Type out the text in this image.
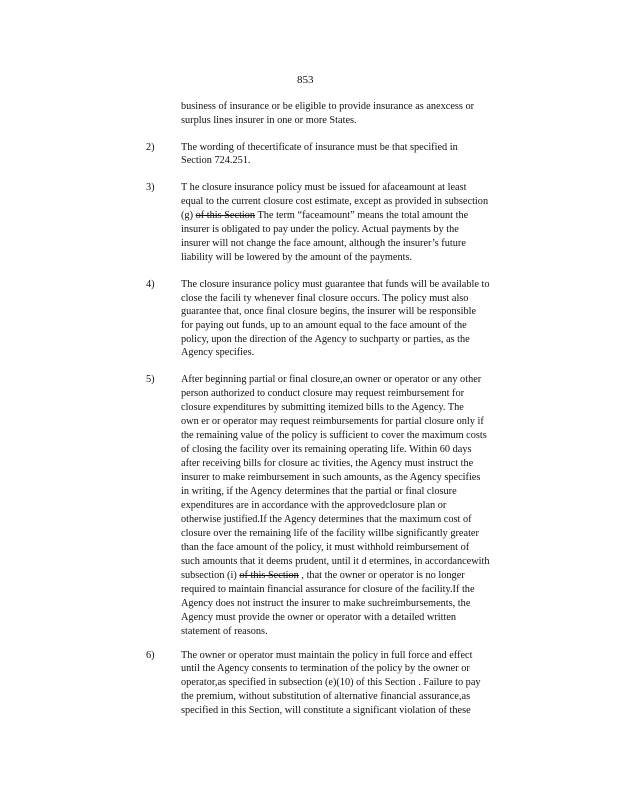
853
business of insurance or be eligible to provide insurance as anexcess or
surplus lines insurer in one or more States.
2)	The wording of thecertificate of insurance must be that specified in
Section 724.251.
3)	T he closure insurance policy must be issued for afaceamount at least
equal to the current closure cost estimate, except as provided in subsection
(g) of this Section The term “faceamount” means the total amount the
insurer is obligated to pay under the policy. Actual payments by the
insurer will not change the face amount, although the insurer’s future
liability will be lowered by the amount of the payments.
4)	The closure insurance policy must guarantee that funds will be available to
close the facili ty whenever final closure occurs. The policy must also
guarantee that, once final closure begins, the insurer will be responsible
for paying out funds, up to an amount equal to the face amount of the
policy, upon the direction of the Agency to suchparty or parties, as the
Agency specifies.
5)	After beginning partial or final closure,an owner or operator or any other
person authorized to conduct closure may request reimbursement for
closure expenditures by submitting itemized bills to the Agency. The
own er or operator may request reimbursements for partial closure only if
the remaining value of the policy is sufficient to cover the maximum costs
of closing the facility over its remaining operating life. Within 60 days
after receiving bills for closure ac tivities, the Agency must instruct the
insurer to make reimbursement in such amounts, as the Agency specifies
in writing, if the Agency determines that the partial or final closure
expenditures are in accordance with the approvedclosure plan or
otherwise justified.If the Agency determines that the maximum cost of
closure over the remaining life of the facility willbe significantly greater
than the face amount of the policy, it must withhold reimbursement of
such amounts that it deems prudent, until it d etermines, in accordancewith
subsection (i) of this Section , that the owner or operator is no longer
required to maintain financial assurance for closure of the facility.If the
Agency does not instruct the insurer to make suchreimbursements, the
Agency must provide the owner or operator with a detailed written
statement of reasons.
6)	The owner or operator must maintain the policy in full force and effect
until the Agency consents to termination of the policy by the owner or
operator,as specified in subsection (e)(10) of this Section . Failure to pay
the premium, without substitution of alternative financial assurance,as
specified in this Section, will constitute a significant violation of these
